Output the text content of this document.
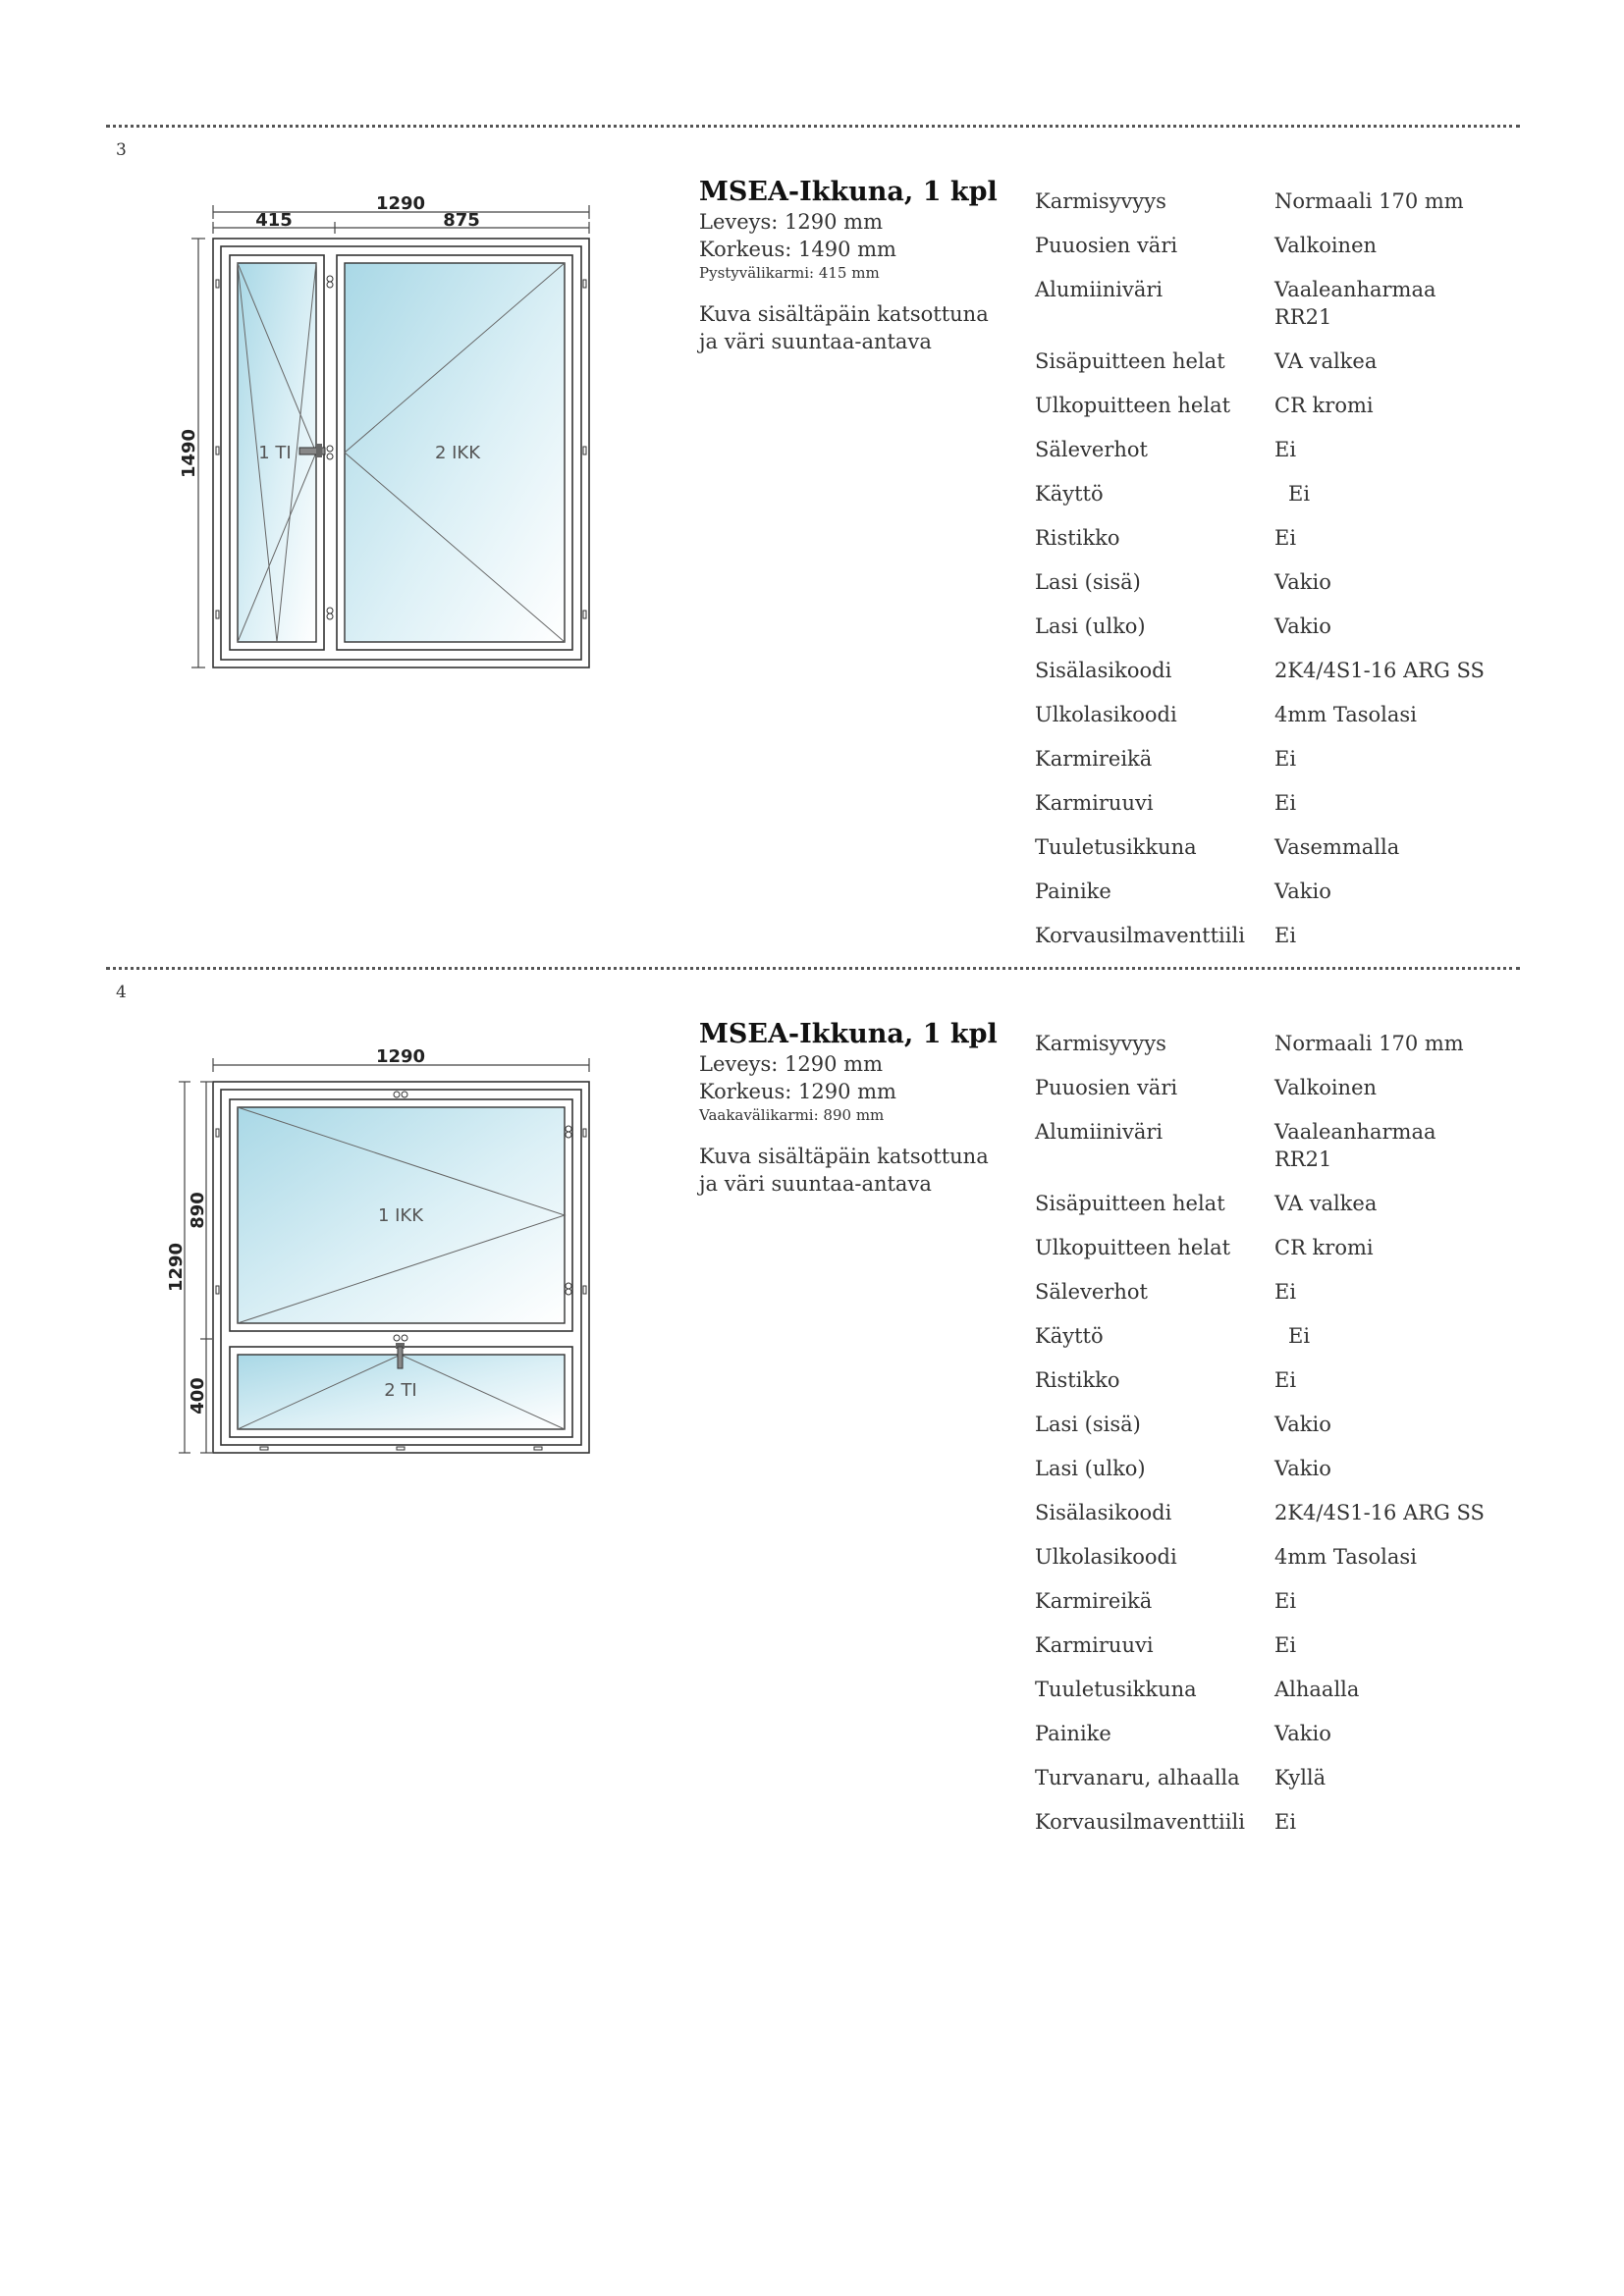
3
1290
415	875
1490	1 TI	2 IKK
MSEA-Ikkuna, 1 kpl
Leveys: 1290 mm
Korkeus: 1490 mm
Pystyvälikarmi: 415 mm
Kuva sisältäpäin katsottuna
ja väri suuntaa-antava
Karmisyvyys	Normaali 170 mm
Puuosien väri	Valkoinen
Alumiiniväri	Vaaleanharmaa
RR21
Sisäpuitteen helat	VA valkea
Ulkopuitteen helat	CR kromi
Säleverhot	Ei
Käyttö	Ei
Ristikko	Ei
Lasi (sisä)	Vakio
Lasi (ulko)	Vakio
Sisälasikoodi	2K4/4S1-16 ARG SS
Ulkolasikoodi	4mm Tasolasi
Karmireikä	Ei
Karmiruuvi	Ei
Tuuletusikkuna	Vasemmalla
Painike	Vakio
Korvausilmaventtiili	Ei
4
1290
1290
890
400
1 IKK
2 TI
MSEA-Ikkuna, 1 kpl
Leveys: 1290 mm
Korkeus: 1290 mm
Vaakavälikarmi: 890 mm
Kuva sisältäpäin katsottuna
ja väri suuntaa-antava
Karmisyvyys	Normaali 170 mm
Puuosien väri	Valkoinen
Alumiiniväri	Vaaleanharmaa
RR21
Sisäpuitteen helat	VA valkea
Ulkopuitteen helat	CR kromi
Säleverhot	Ei
Käyttö	Ei
Ristikko	Ei
Lasi (sisä)	Vakio
Lasi (ulko)	Vakio
Sisälasikoodi	2K4/4S1-16 ARG SS
Ulkolasikoodi	4mm Tasolasi
Karmireikä	Ei
Karmiruuvi	Ei
Tuuletusikkuna	Alhaalla
Painike	Vakio
Turvanaru, alhaalla	Kyllä
Korvausilmaventtiili	Ei
